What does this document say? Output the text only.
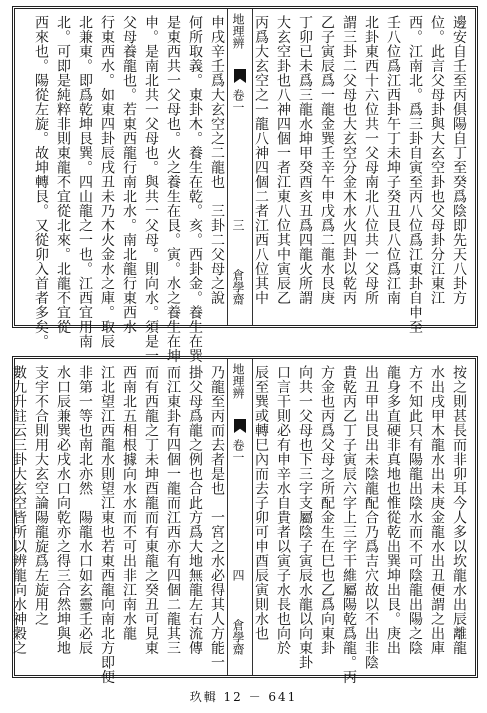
邊安自壬至丙俱陽自丁至癸爲陰即先天八卦方
位。此言父母卦與大玄空卦也父母卦分江東江
西。江南北。爲三卦自寅至丙八位爲江東卦自申至
壬八位爲江西卦午丁未坤子癸丑艮八位爲江南
北卦東西十六位共一父母南北八位共一父母所
謂三卦二父母也大玄空分金木水火四卦以乾丙
乙子寅辰爲一龍金巽壬辛午申戊爲二龍水艮庚
丁卯已未爲三龍水坤甲癸酉亥丑爲四龍火所謂
大玄空卦也八神四個一者江東八位其中寅辰乙
丙爲大玄空之一龍八神四個二者江西八位其中
地理辨
卷一
三
倉學齋
申戌辛壬爲大玄空之二龍也　三卦二父母之說
何所取義。東卦木。養生在乾。亥。西卦金。養生在巽
是東西共一父母也。火之養生在艮。寅。水之養生在坤
申。是南北共一父母也。與共一父母。則向水。須是一
父母養龍也。若東西龍行南北水。南北龍行東西水
行東西水。如東四卦辰戌丑未乃木火金水之庫。取辰
北兼東。即爲乾坤艮巽。四山龍之一也。江西宜用南
北。可即是純粹非則東龍不宜從北來。北龍不宜從
西來也。陽從左旋。故坤轉艮。又從卯入首者多矣。
按之則甚長而非卯耳今人多以坎龍水出辰離龍
水出戌甲木龍水出未庚金龍水出丑便謂之出庫
方不知此只有陽龍出陰水而不可陰龍出陽之陰
龍身多直硬非真地也惟從乾出巽坤出艮。庚出
出丑甲出艮出未陰龍配合乃爲吉穴故以不出非陰
貴乾丙乙丁子寅辰六字上三字干維屬陽乾爲龍。丙
方金也丙爲父母之所配金生在巳也乙爲向東卦
向共一父母也下三字支屬陰子寅辰水龍以向東卦
口言干則必有申辛水自貴者以寅子水長也向於
辰至巽或轉巳內而去子卯可申酉辰寅則水也
地理辨
卷一
四
倉學齋
乃龍至丙而去者是也　一宮之水必得其人方能一
掛父母爲龍之例也合此方爲大地無龍左右流傳
而江東卦有四個一龍而江西亦有四個二龍其三
而有西龍之丁未坤酉龍而有東龍之癸丑可見東
西南北五相根據向水水而不可出非江南水龍
江北望江西龍水則望江東也若東西龍向南北方即便
非第一等也南北亦然　陽龍水口如玄靈壬必辰
水口辰兼巽必戌水口向乾亦之得三合然坤與地
支宇不合則用大玄空論陽龍旋爲左旋用之
數九升註云三卦大玄空皆所以辨龍向水神穀之
玖輯 12 － 641
